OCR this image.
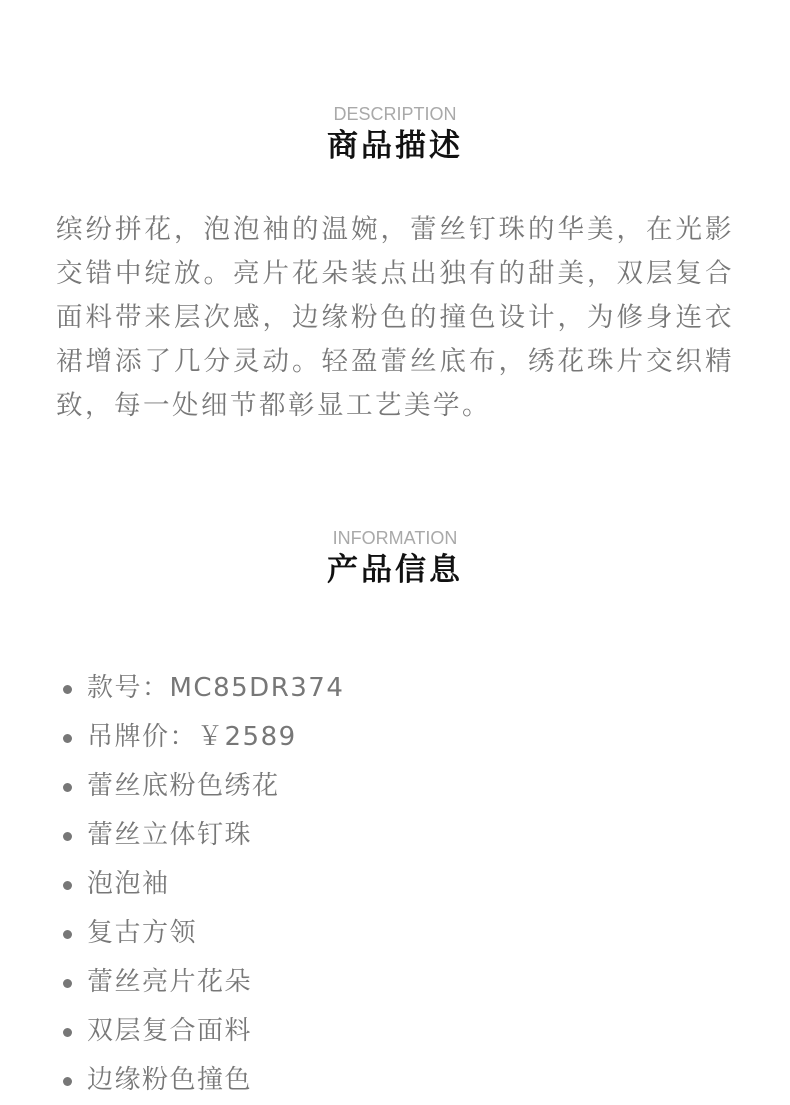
DESCRIPTION
商品描述

缤纷拼花，泡泡袖的温婉，蕾丝钉珠的华美，在光影交错中绽放。亮片花朵装点出独有的甜美，双层复合面料带来层次感，边缘粉色的撞色设计，为修身连衣裙增添了几分灵动。轻盈蕾丝底布，绣花珠片交织精致，每一处细节都彰显工艺美学。

INFORMATION
产品信息
款号：MC85DR374
吊牌价：￥2589
蕾丝底粉色绣花
蕾丝立体钉珠
泡泡袖
复古方领
蕾丝亮片花朵
双层复合面料
边缘粉色撞色
